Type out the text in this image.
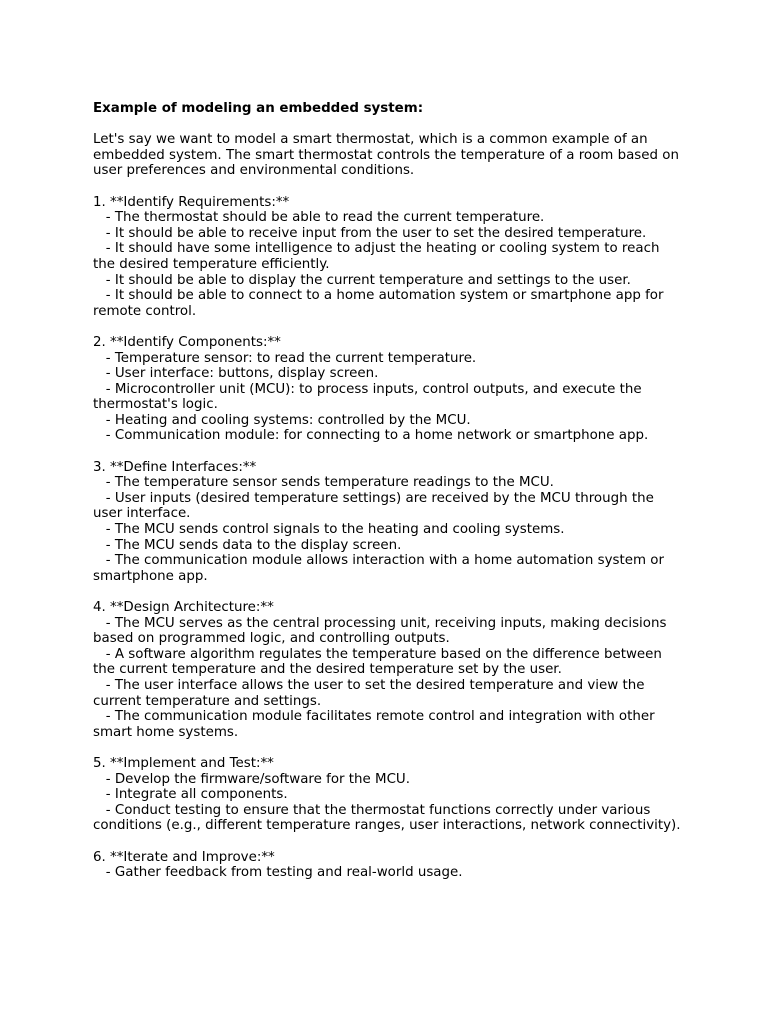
Example of modeling an embedded system:

Let's say we want to model a smart thermostat, which is a common example of an embedded system. The smart thermostat controls the temperature of a room based on user preferences and environmental conditions.

1. **Identify Requirements:**

- The thermostat should be able to read the current temperature.

- It should be able to receive input from the user to set the desired temperature.

- It should have some intelligence to adjust the heating or cooling system to reach the desired temperature efficiently.

- It should be able to display the current temperature and settings to the user.

- It should be able to connect to a home automation system or smartphone app for remote control.

2. **Identify Components:**

- Temperature sensor: to read the current temperature.

- User interface: buttons, display screen.

- Microcontroller unit (MCU): to process inputs, control outputs, and execute the thermostat's logic.

- Heating and cooling systems: controlled by the MCU.

- Communication module: for connecting to a home network or smartphone app.

3. **Define Interfaces:**

- The temperature sensor sends temperature readings to the MCU.

- User inputs (desired temperature settings) are received by the MCU through the user interface.

- The MCU sends control signals to the heating and cooling systems.

- The MCU sends data to the display screen.

- The communication module allows interaction with a home automation system or smartphone app.

4. **Design Architecture:**

- The MCU serves as the central processing unit, receiving inputs, making decisions based on programmed logic, and controlling outputs.

- A software algorithm regulates the temperature based on the difference between the current temperature and the desired temperature set by the user.

- The user interface allows the user to set the desired temperature and view the current temperature and settings.

- The communication module facilitates remote control and integration with other smart home systems.

5. **Implement and Test:**

- Develop the firmware/software for the MCU.

- Integrate all components.

- Conduct testing to ensure that the thermostat functions correctly under various conditions (e.g., different temperature ranges, user interactions, network connectivity).

6. **Iterate and Improve:**

- Gather feedback from testing and real-world usage.
